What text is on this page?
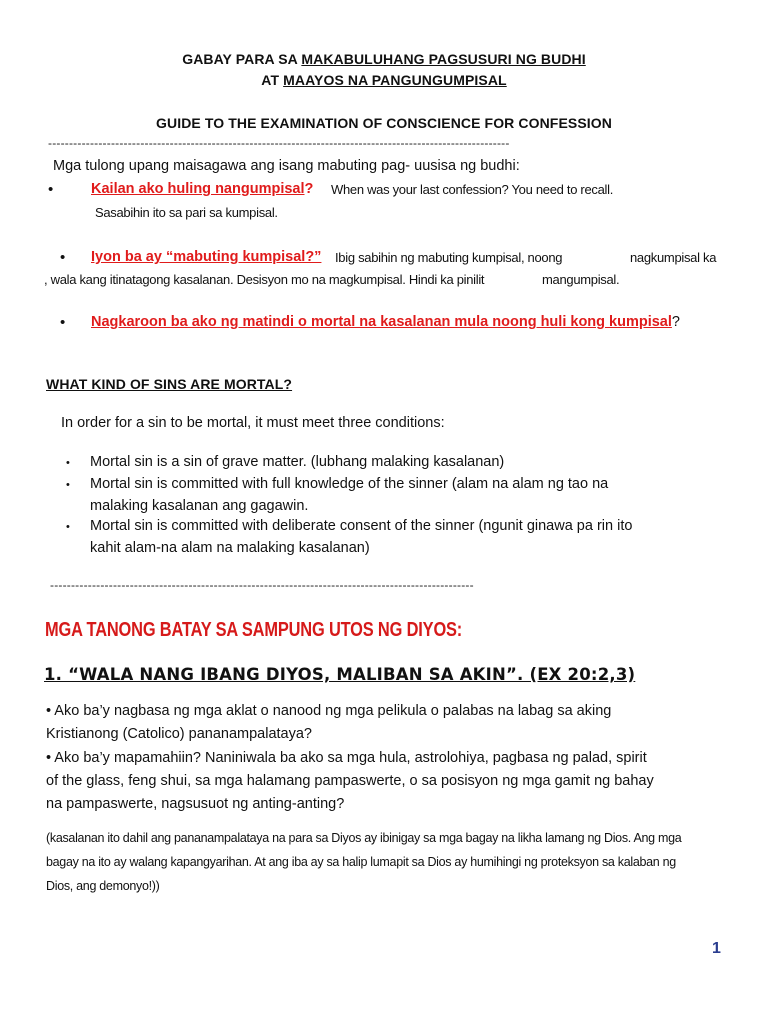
GABAY PARA SA MAKABULUHANG PAGSUSURI NG BUDHI
AT MAAYOS NA PANGUNGUMPISAL
GUIDE TO THE EXAMINATION OF CONSCIENCE FOR CONFESSION
--------------------------------------------------------------------------------------------------------------
Mga tulong upang maisagawa ang isang mabuting pag- uusisa ng budhi:
•	Kailan ako huling nangumpisal? When was your last confession? You need to recall.
Sasabihin ito sa pari sa kumpisal.
• Iyon ba ay “mabuting kumpisal?” Ibig sabihin ng mabuting kumpisal, noong	nagkumpisal ka
, wala kang itinatagong kasalanan. Desisyon mo na magkumpisal. Hindi ka pinilit	mangumpisal.
• Nagkaroon ba ako ng matindi o mortal na kasalanan mula noong huli kong kumpisal?
WHAT KIND OF SINS ARE MORTAL?
In order for a sin to be mortal, it must meet three conditions:
• Mortal sin is a sin of grave matter. (lubhang malaking kasalanan)
• Mortal sin is committed with full knowledge of the sinner (alam na alam ng tao na
malaking kasalanan ang gagawin.
• Mortal sin is committed with deliberate consent of the sinner (ngunit ginawa pa rin ito
kahit alam-na alam na malaking kasalanan)
-----------------------------------------------------------------------------------------------------
MGA TANONG BATAY SA SAMPUNG UTOS NG DIYOS:
1. “WALA NANG IBANG DIYOS, MALIBAN SA AKIN”. (EX 20:2,3)
• Ako ba’y nagbasa ng mga aklat o nanood ng mga pelikula o palabas na labag sa aking
Kristianong (Catolico) pananampalataya?
• Ako ba’y mapamahiin? Naniniwala ba ako sa mga hula, astrolohiya, pagbasa ng palad, spirit
of the glass, feng shui, sa mga halamang pampaswerte, o sa posisyon ng mga gamit ng bahay
na pampaswerte, nagsusuot ng anting-anting?
(kasalanan ito dahil ang pananampalataya na para sa Diyos ay ibinigay sa mga bagay na likha lamang ng Dios. Ang mga
bagay na ito ay walang kapangyarihan. At ang iba ay sa halip lumapit sa Dios ay humihingi ng proteksyon sa kalaban ng
Dios, ang demonyo!))
1
